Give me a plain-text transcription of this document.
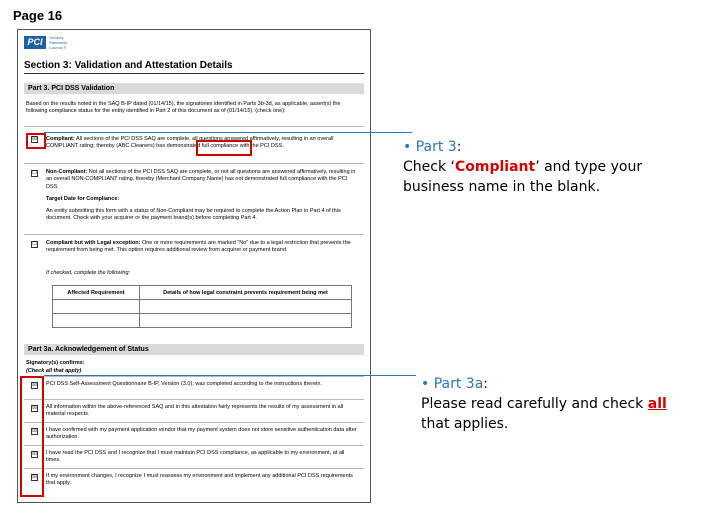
Page 16
PCI	Security Standards Council ®
Section 3: Validation and Attestation Details
Part 3. PCI DSS Validation
Based on the results noted in the SAQ B-IP dated (01/14/15), the signatories identified in Parts 3b-3d, as applicable, assert(s) the following compliance status for the entity identified in Part 2 of this document as of (01/14/15): (check one):
☒ Compliant: All sections of the PCI DSS SAQ are complete, all questions answered affirmatively, resulting in an overall COMPLIANT rating; thereby (ABC Cleaners) has demonstrated full compliance with the PCI DSS.
☐ Non-Compliant: Not all sections of the PCI DSS SAQ are complete, or not all questions are answered affirmatively, resulting in an overall NON-COMPLIANT rating, thereby (Merchant Company Name) has not demonstrated full compliance with the PCI DSS.
Target Date for Compliance:
An entity submitting this form with a status of Non-Compliant may be required to complete the Action Plan in Part 4 of this document. Check with your acquirer or the payment brand(s) before completing Part 4.
☐ Compliant but with Legal exception: One or more requirements are marked "No" due to a legal restriction that prevents the requirement from being met. This option requires additional review from acquirer or payment brand.
If checked, complete the following:
Affected Requirement	Details of how legal constraint prevents requirement being met

Part 3a. Acknowledgement of Status
Signatory(s) confirms:
(Check all that apply)
☒ PCI DSS Self-Assessment Questionnaire B-IP, Version (3.0), was completed according to the instructions therein.
☒ All information within the above-referenced SAQ and in this attestation fairly represents the results of my assessment in all material respects.
☒ I have confirmed with my payment application vendor that my payment system does not store sensitive authentication data after authorization.
☒ I have read the PCI DSS and I recognize that I must maintain PCI DSS compliance, as applicable to my environment, at all times.
☒ If my environment changes, I recognize I must reassess my environment and implement any additional PCI DSS requirements that apply.
• Part 3:
Check ‘Compliant’ and type your
business name in the blank.
• Part 3a:
Please read carefully and check all
that applies.
